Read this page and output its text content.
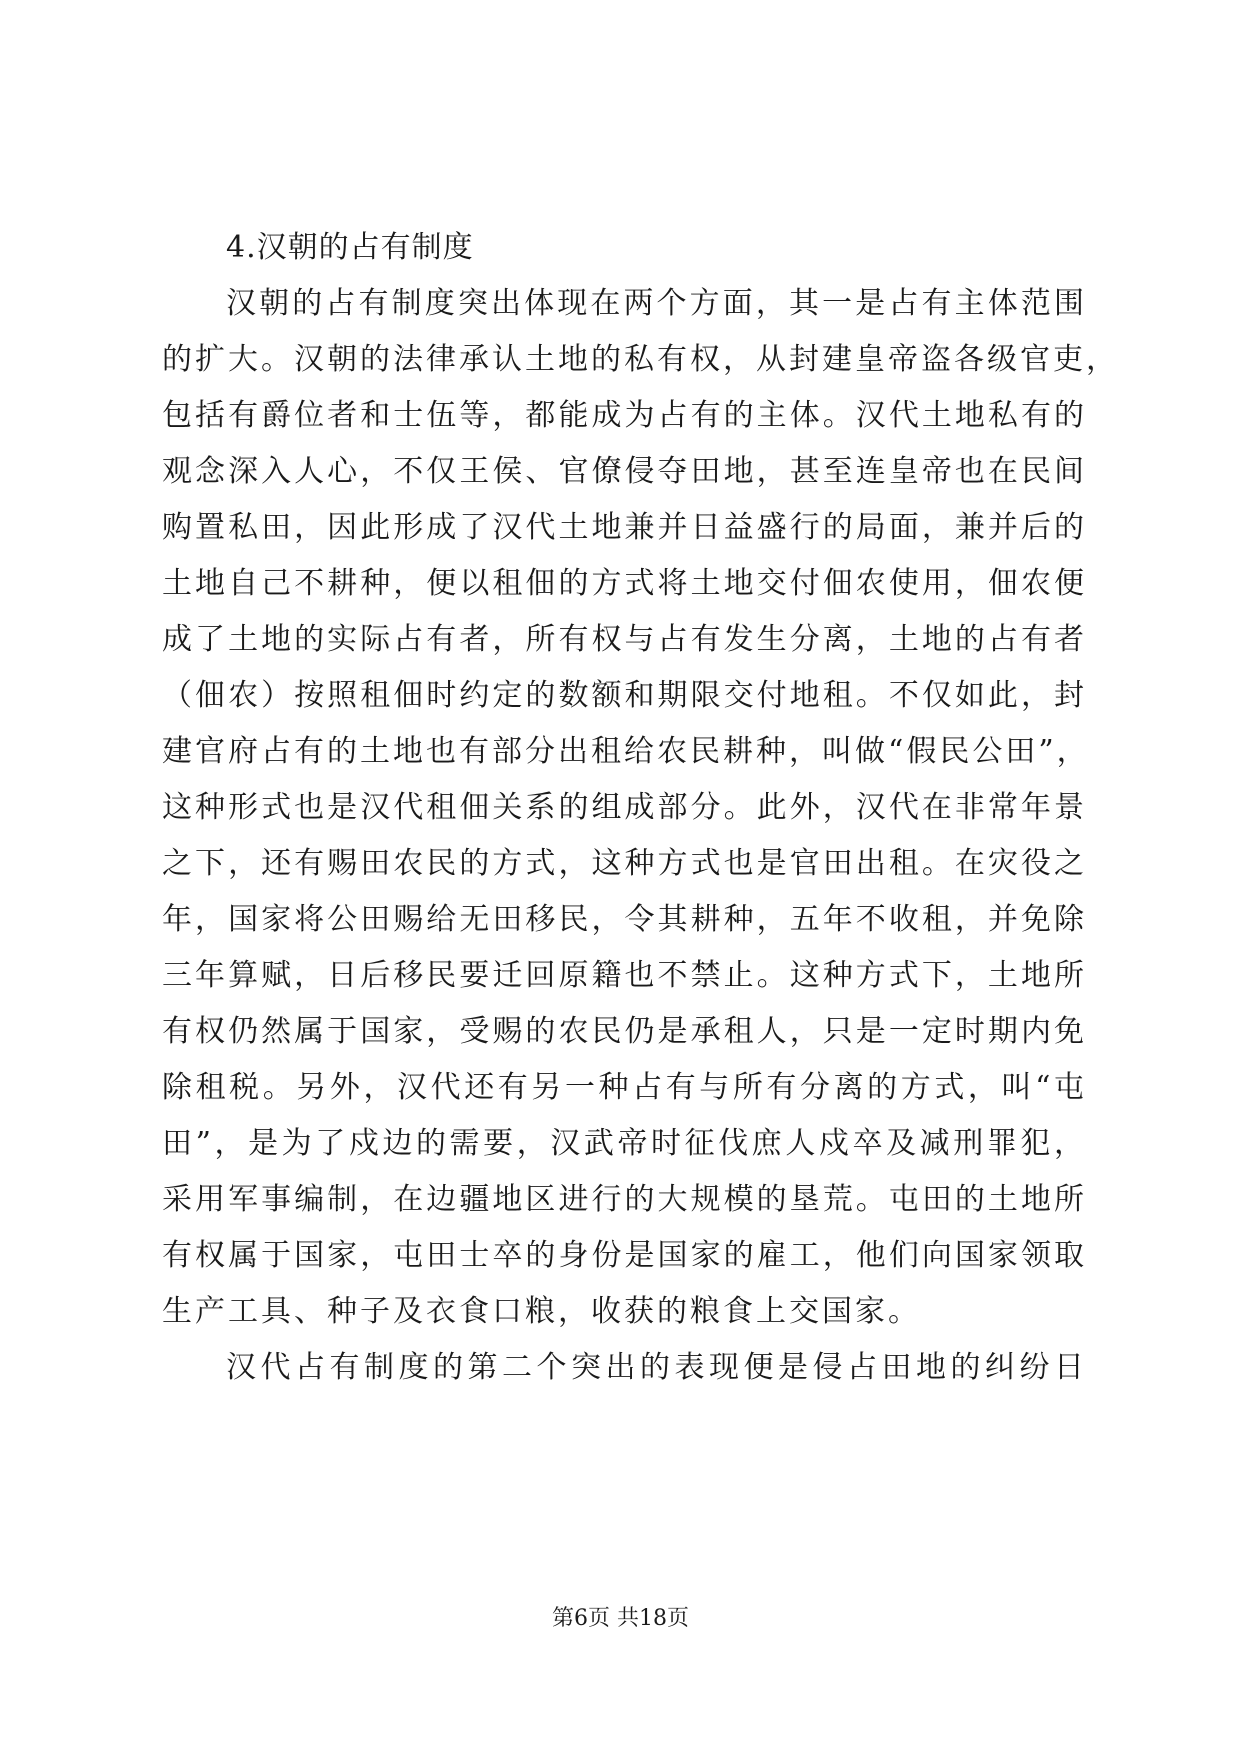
4.汉朝的占有制度
汉朝的占有制度突出体现在两个方面，其一是占有主体范围
的扩大。汉朝的法律承认土地的私有权，从封建皇帝盗各级官吏，
包括有爵位者和士伍等，都能成为占有的主体。汉代土地私有的
观念深入人心，不仅王侯、官僚侵夺田地，甚至连皇帝也在民间
购置私田，因此形成了汉代土地兼并日益盛行的局面，兼并后的
土地自己不耕种，便以租佃的方式将土地交付佃农使用，佃农便
成了土地的实际占有者，所有权与占有发生分离，土地的占有者
（佃农）按照租佃时约定的数额和期限交付地租。不仅如此，封
建官府占有的土地也有部分出租给农民耕种，叫做“假民公田”，
这种形式也是汉代租佃关系的组成部分。此外，汉代在非常年景
之下，还有赐田农民的方式，这种方式也是官田出租。在灾役之
年，国家将公田赐给无田移民，令其耕种，五年不收租，并免除
三年算赋，日后移民要迁回原籍也不禁止。这种方式下，土地所
有权仍然属于国家，受赐的农民仍是承租人，只是一定时期内免
除租税。另外，汉代还有另一种占有与所有分离的方式，叫“屯
田”，是为了戍边的需要，汉武帝时征伐庶人戍卒及减刑罪犯，
采用军事编制，在边疆地区进行的大规模的垦荒。屯田的土地所
有权属于国家，屯田士卒的身份是国家的雇工，他们向国家领取
生产工具、种子及衣食口粮，收获的粮食上交国家。
汉代占有制度的第二个突出的表现便是侵占田地的纠纷日
第6页 共18页
